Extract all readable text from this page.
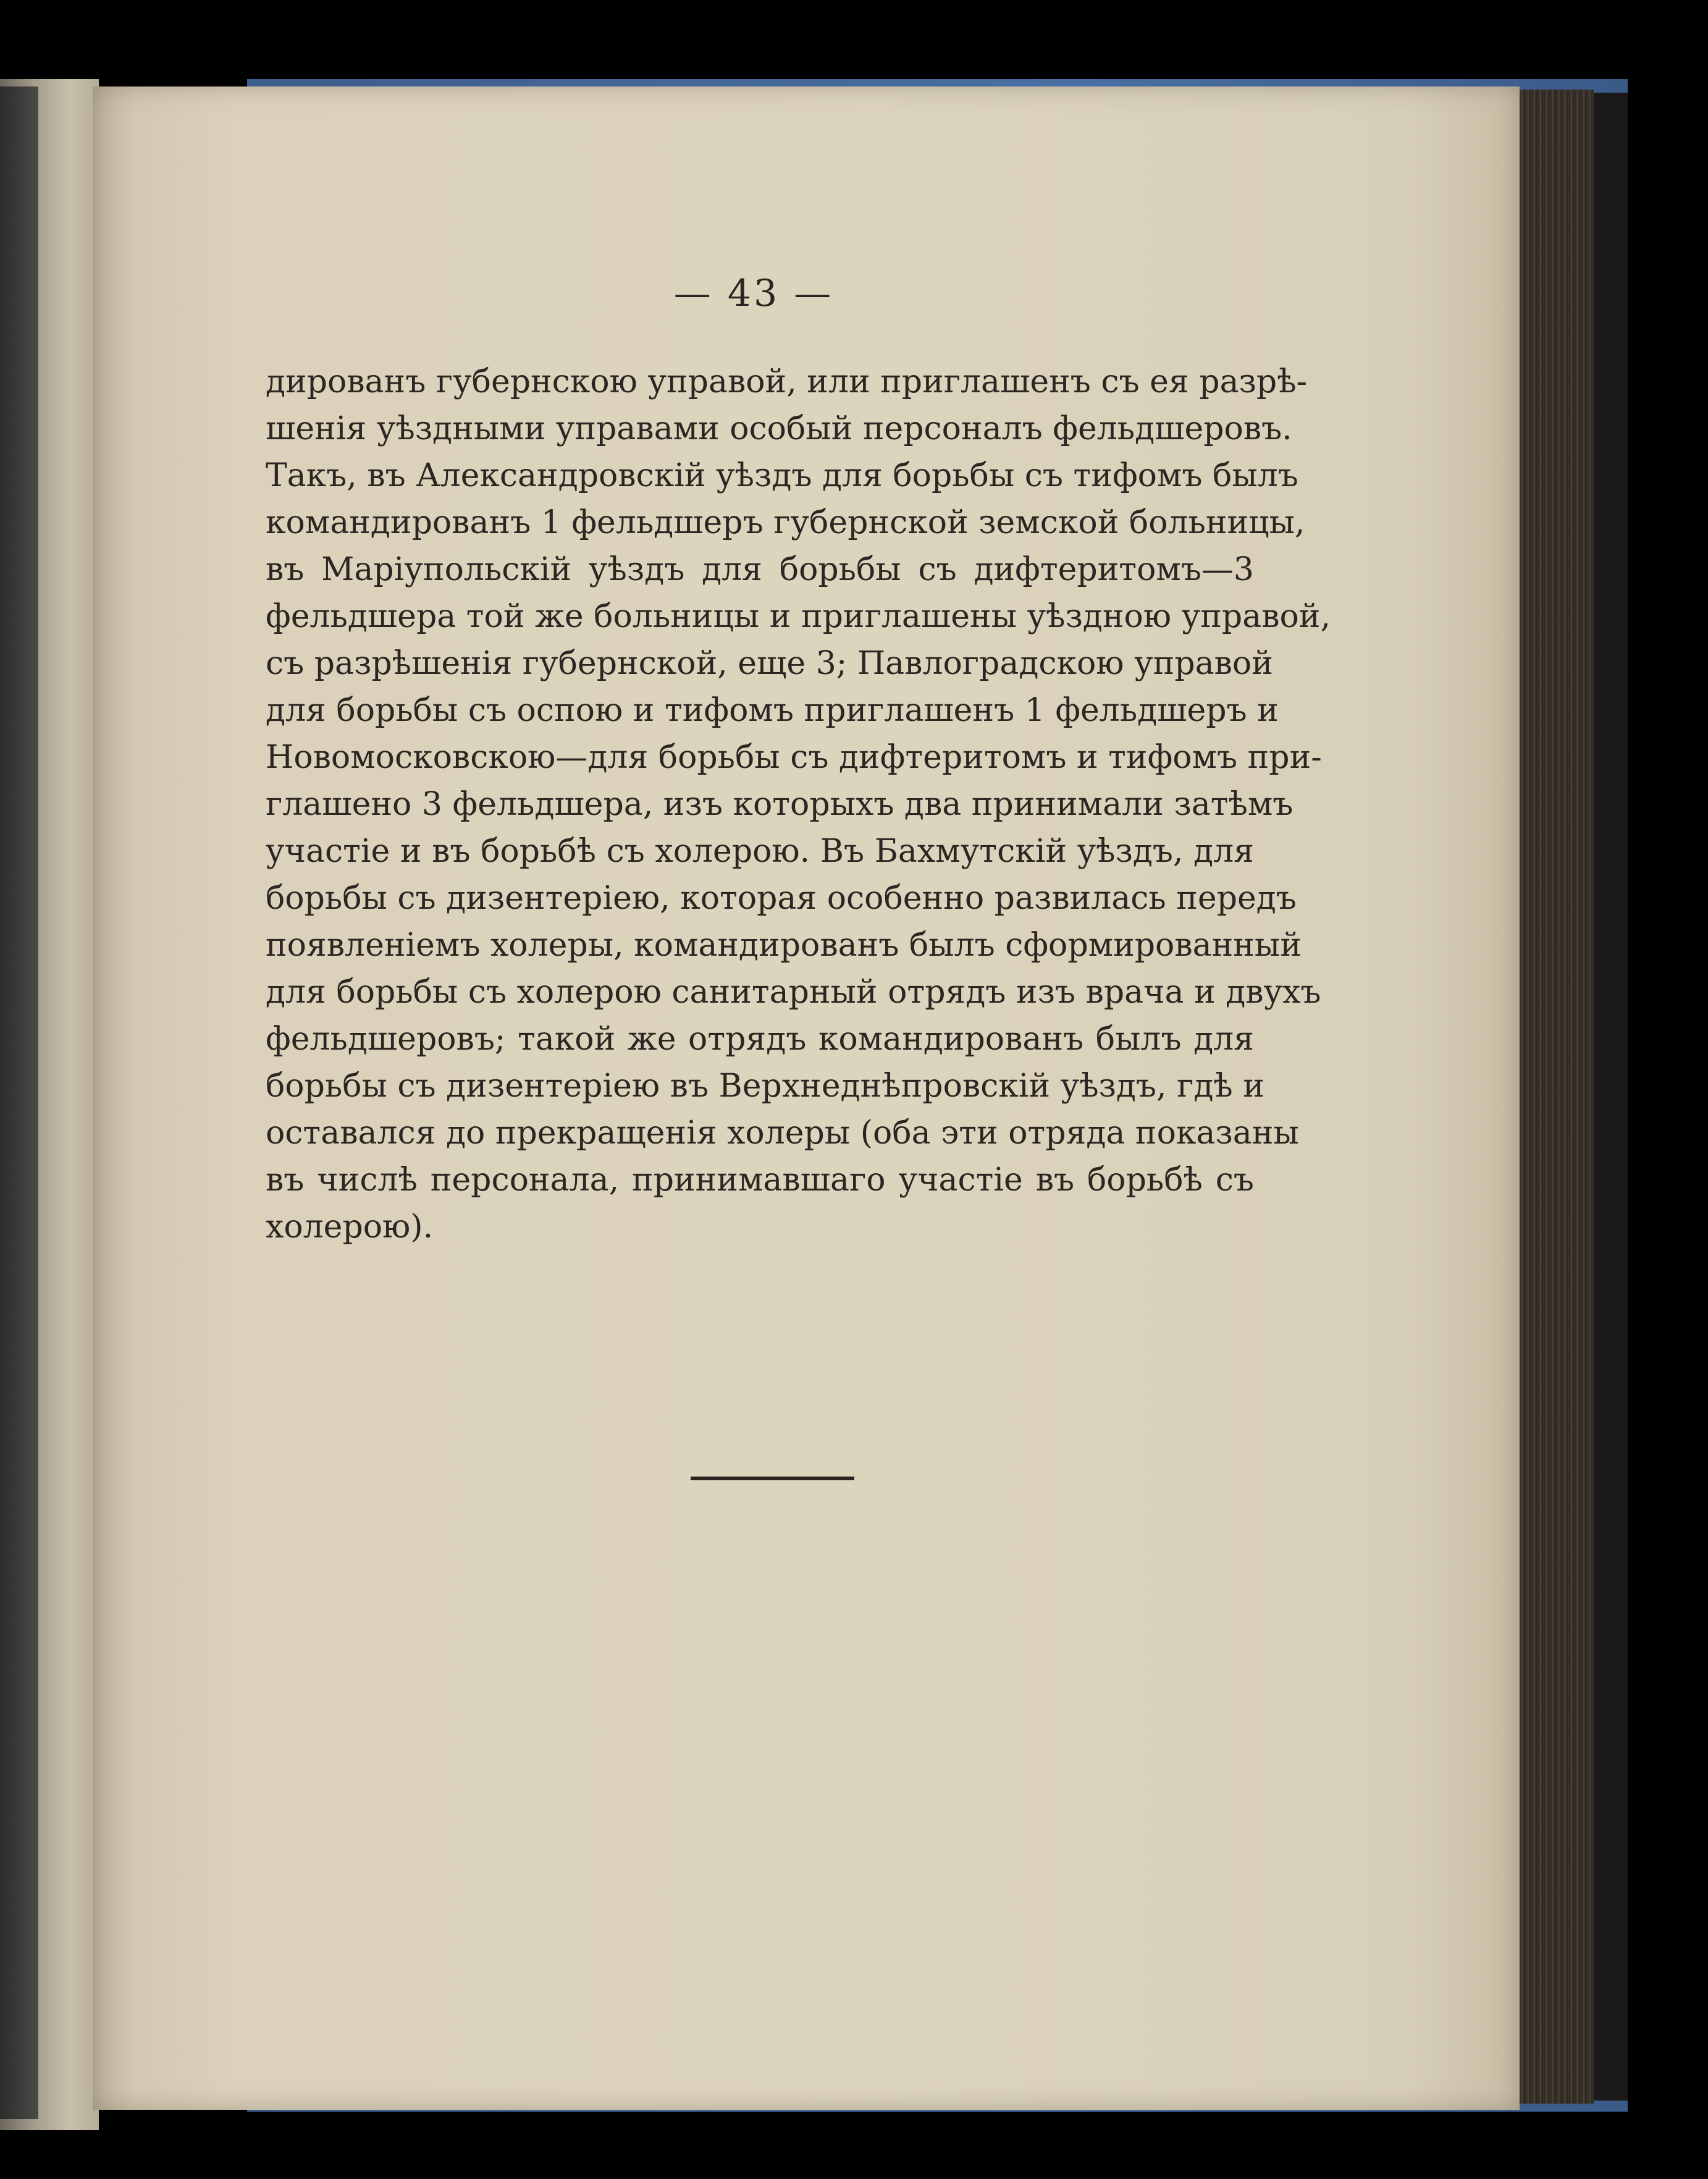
— 43 —
дированъ губернскою управой, или приглашенъ съ ея разрѣ-
шенія уѣздными управами особый персоналъ фельдшеровъ.
Такъ, въ Александровскій уѣздъ для борьбы съ тифомъ былъ
командированъ 1 фельдшеръ губернской земской больницы,
въ Маріупольскій уѣздъ для борьбы съ дифтеритомъ—3
фельдшера той же больницы и приглашены уѣздною управой,
съ разрѣшенія губернской, еще 3; Павлоградскою управой
для борьбы съ оспою и тифомъ приглашенъ 1 фельдшеръ и
Новомосковскою—для борьбы съ дифтеритомъ и тифомъ при-
глашено 3 фельдшера, изъ которыхъ два принимали затѣмъ
участіе и въ борьбѣ съ холерою. Въ Бахмутскій уѣздъ, для
борьбы съ дизентеріею, которая особенно развилась передъ
появленіемъ холеры, командированъ былъ сформированный
для борьбы съ холерою санитарный отрядъ изъ врача и двухъ
фельдшеровъ; такой же отрядъ командированъ былъ для
борьбы съ дизентеріею въ Верхнеднѣпровскій уѣздъ, гдѣ и
оставался до прекращенія холеры (оба эти отряда показаны
въ числѣ персонала, принимавшаго участіе въ борьбѣ съ
холерою).
